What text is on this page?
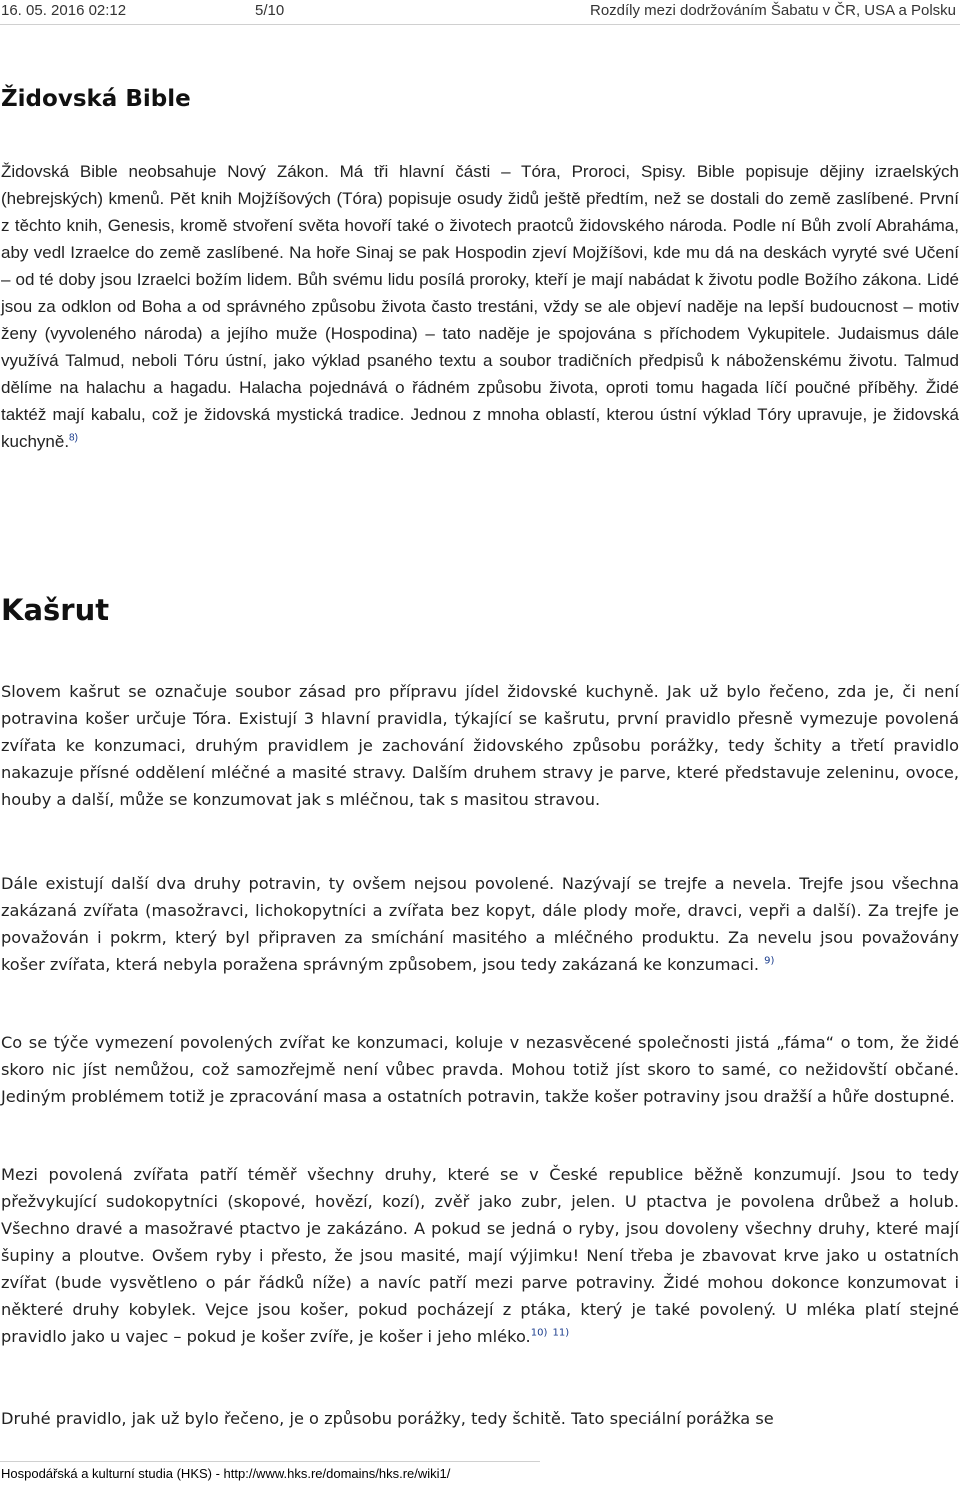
16. 05. 2016 02:12	5/10	Rozdíly mezi dodržováním Šabatu v ČR, USA a Polsku
Židovská Bible

Židovská Bible neobsahuje Nový Zákon. Má tři hlavní části – Tóra, Proroci, Spisy. Bible popisuje dějiny izraelských (hebrejských) kmenů. Pět knih Mojžíšových (Tóra) popisuje osudy židů ještě předtím, než se dostali do země zaslíbené. První z těchto knih, Genesis, kromě stvoření světa hovoří také o životech praotců židovského národa. Podle ní Bůh zvolí Abraháma, aby vedl Izraelce do země zaslíbené. Na hoře Sinaj se pak Hospodin zjeví Mojžíšovi, kde mu dá na deskách vyryté své Učení – od té doby jsou Izraelci božím lidem. Bůh svému lidu posílá proroky, kteří je mají nabádat k životu podle Božího zákona. Lidé jsou za odklon od Boha a od správného způsobu života často trestáni, vždy se ale objeví naděje na lepší budoucnost – motiv ženy (vyvoleného národa) a jejího muže (Hospodina) – tato naděje je spojována s příchodem Vykupitele. Judaismus dále využívá Talmud, neboli Tóru ústní, jako výklad psaného textu a soubor tradičních předpisů k náboženskému životu. Talmud dělíme na halachu a hagadu. Halacha pojednává o řádném způsobu života, oproti tomu hagada líčí poučné příběhy. Židé taktéž mají kabalu, což je židovská mystická tradice. Jednou z mnoha oblastí, kterou ústní výklad Tóry upravuje, je židovská kuchyně.$^{8)}$

Kašrut

Slovem kašrut se označuje soubor zásad pro přípravu jídel židovské kuchyně. Jak už bylo řečeno, zda je, či není potravina košer určuje Tóra. Existují 3 hlavní pravidla, týkající se kašrutu, první pravidlo přesně vymezuje povolená zvířata ke konzumaci, druhým pravidlem je zachování židovského způsobu porážky, tedy šchity a třetí pravidlo nakazuje přísné oddělení mléčné a masité stravy. Dalším druhem stravy je parve, které představuje zeleninu, ovoce, houby a další, může se konzumovat jak s mléčnou, tak s masitou stravou.

Dále existují další dva druhy potravin, ty ovšem nejsou povolené. Nazývají se trejfe a nevela. Trejfe jsou všechna zakázaná zvířata (masožravci, lichokopytníci a zvířata bez kopyt, dále plody moře, dravci, vepři a další). Za trejfe je považován i pokrm, který byl připraven za smíchání masitého a mléčného produktu. Za nevelu jsou považovány košer zvířata, která nebyla poražena správným způsobem, jsou tedy zakázaná ke konzumaci. $^{9)}$

Co se týče vymezení povolených zvířat ke konzumaci, koluje v nezasvěcené společnosti jistá „fáma“ o tom, že židé skoro nic jíst nemůžou, což samozřejmě není vůbec pravda. Mohou totiž jíst skoro to samé, co nežidovští občané. Jediným problémem totiž je zpracování masa a ostatních potravin, takže košer potraviny jsou dražší a hůře dostupné.

Mezi povolená zvířata patří téměř všechny druhy, které se v České republice běžně konzumují. Jsou to tedy přežvykující sudokopytníci (skopové, hovězí, kozí), zvěř jako zubr, jelen. U ptactva je povolena drůbež a holub. Všechno dravé a masožravé ptactvo je zakázáno. A pokud se jedná o ryby, jsou dovoleny všechny druhy, které mají šupiny a ploutve. Ovšem ryby i přesto, že jsou masité, mají výjimku! Není třeba je zbavovat krve jako u ostatních zvířat (bude vysvětleno o pár řádků níže) a navíc patří mezi parve potraviny. Židé mohou dokonce konzumovat i některé druhy kobylek. Vejce jsou košer, pokud pocházejí z ptáka, který je také povolený. U mléka platí stejné pravidlo jako u vajec – pokud je košer zvíře, je košer i jeho mléko.$^{10)}$ $^{11)}$

Druhé pravidlo, jak už bylo řečeno, je o způsobu porážky, tedy šchitě. Tato speciální porážka se

Hospodářská a kulturní studia (HKS) - http://www.hks.re/domains/hks.re/wiki1/
